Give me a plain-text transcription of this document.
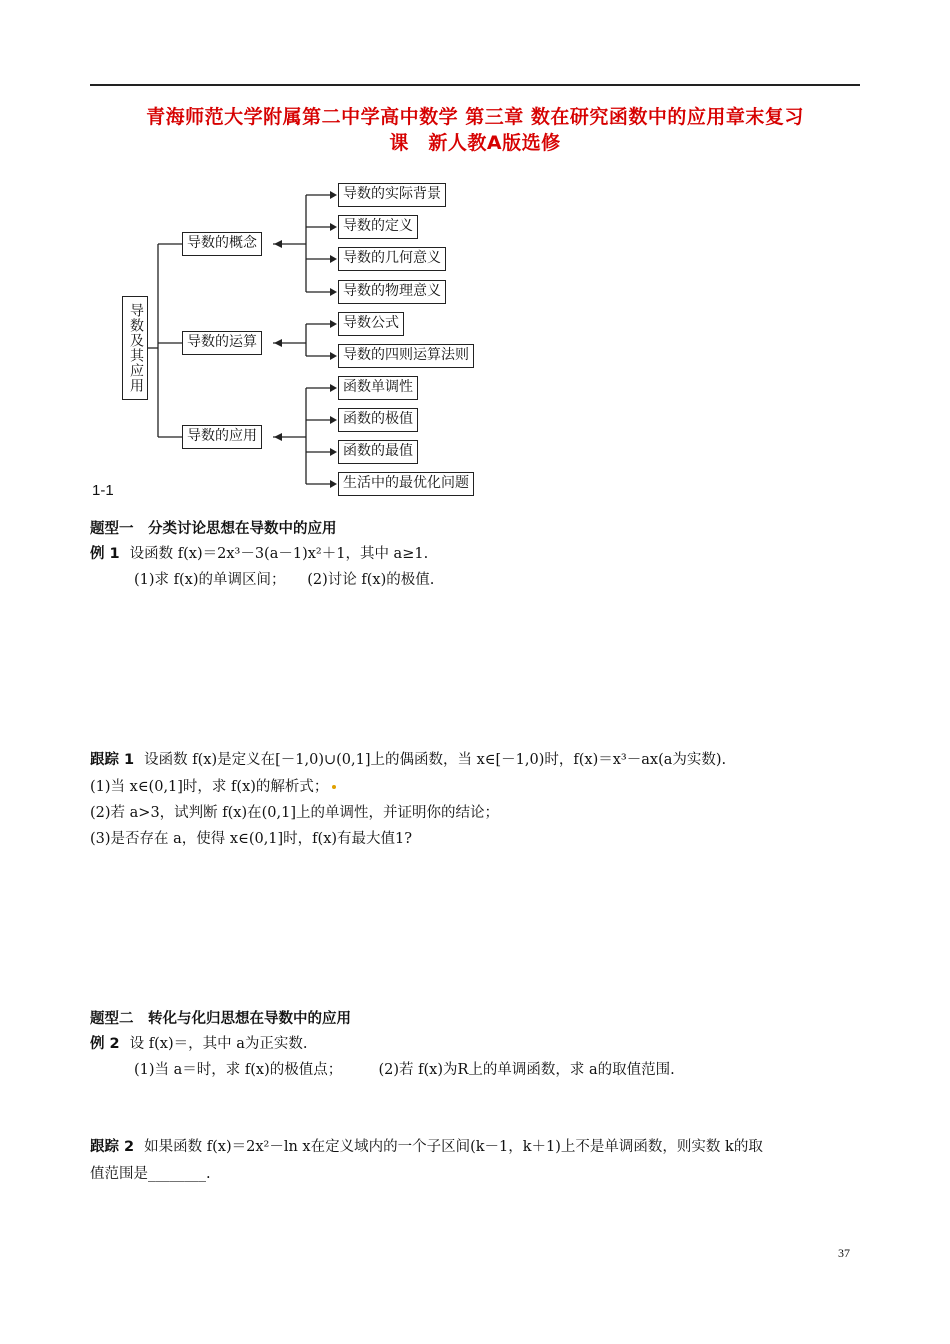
青海师范大学附属第二中学高中数学 第三章 数在研究函数中的应用章末复习
课　新人教A版选修
导数及其应用
导数的概念
导数的运算
导数的应用
导数的实际背景
导数的定义
导数的几何意义
导数的物理意义
导数公式
导数的四则运算法则
函数单调性
函数的极值
函数的最值
生活中的最优化问题
1-1
题型一　分类讨论思想在导数中的应用
例 1 设函数 f(x)＝2x³－3(a－1)x²＋1，其中 a≥1.
(1)求 f(x)的单调区间；　　(2)讨论 f(x)的极值.
跟踪 1 设函数 f(x)是定义在[－1,0)∪(0,1]上的偶函数，当 x∈[－1,0)时，f(x)＝x³－ax(a为实数).
(1)当 x∈(0,1]时，求 f(x)的解析式；
(2)若 a>3，试判断 f(x)在(0,1]上的单调性，并证明你的结论；
(3)是否存在 a，使得 x∈(0,1]时，f(x)有最大值1?
题型二　转化与化归思想在导数中的应用
例 2 设 f(x)＝，其中 a为正实数.
(1)当 a＝时，求 f(x)的极值点；　　　(2)若 f(x)为R上的单调函数，求 a的取值范围.
跟踪 2 如果函数 f(x)＝2x²－ln x在定义域内的一个子区间(k－1，k＋1)上不是单调函数，则实数 k的取
值范围是________.
37
